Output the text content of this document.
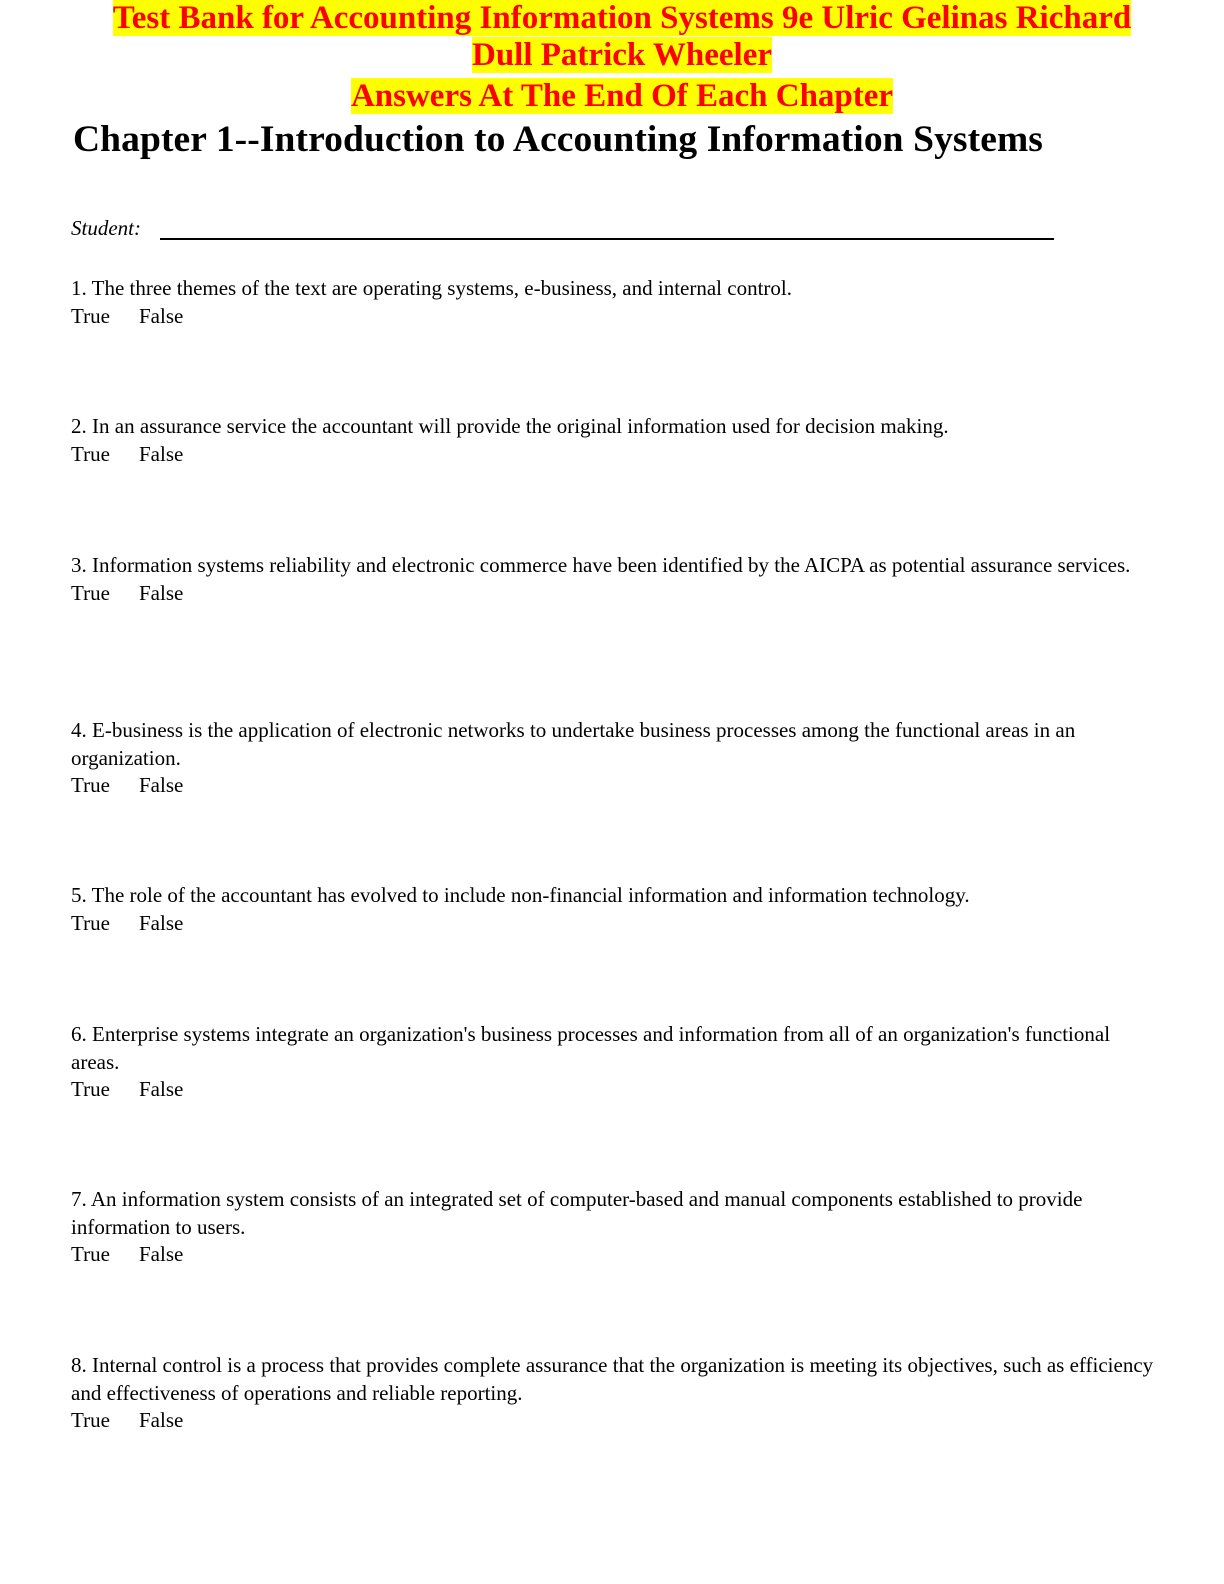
Test Bank for Accounting Information Systems 9e Ulric Gelinas Richard
Dull Patrick Wheeler
Answers At The End Of Each Chapter
Chapter 1--Introduction to Accounting Information Systems
Student:
1. The three themes of the text are operating systems, e-business, and internal control.
True False
2. In an assurance service the accountant will provide the original information used for decision making.
True False
3. Information systems reliability and electronic commerce have been identified by the AICPA as potential assurance services.
True False
4. E-business is the application of electronic networks to undertake business processes among the functional areas in an organization.
True False
5. The role of the accountant has evolved to include non-financial information and information technology.
True False
6. Enterprise systems integrate an organization's business processes and information from all of an organization's functional areas.
True False
7. An information system consists of an integrated set of computer-based and manual components established to provide information to users.
True False
8. Internal control is a process that provides complete assurance that the organization is meeting its objectives, such as efficiency and effectiveness of operations and reliable reporting.
True False
